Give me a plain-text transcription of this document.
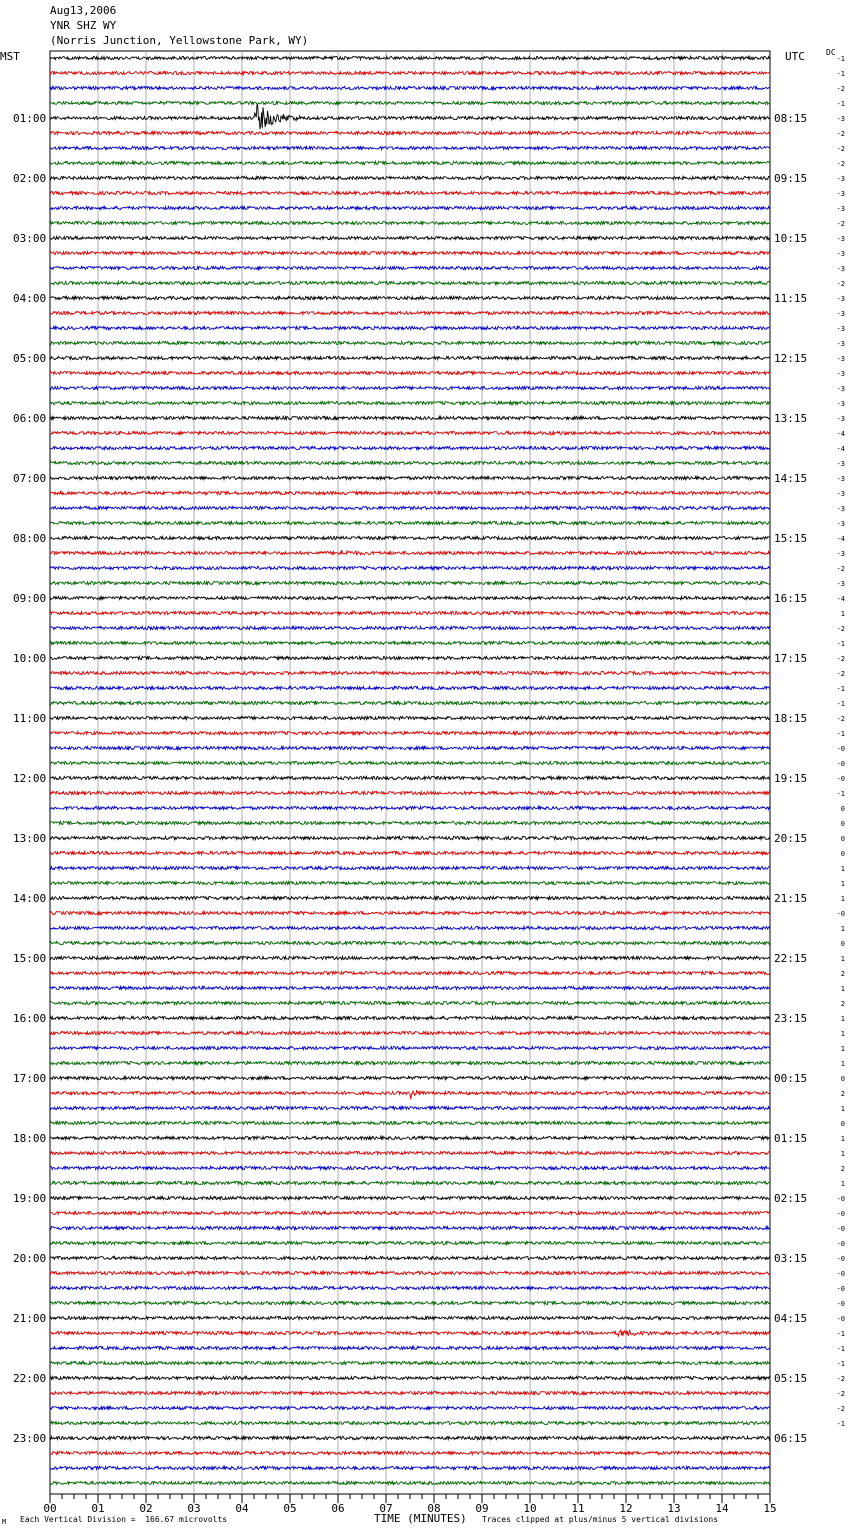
Aug13,2006
YNR SHZ WY
(Norris Junction, Yellowstone Park, WY)
MST	UTC	DC
01:00
02:00
03:00
04:00
05:00
06:00
07:00
08:00
09:00
10:00
11:00
12:00
13:00
14:00
15:00
16:00
17:00
18:00
19:00
20:00
21:00
22:00
23:00
08:15
09:15
10:15
11:15
12:15
13:15
14:15
15:15
16:15
17:15
18:15
19:15
20:15
21:15
22:15
23:15
00:15
01:15
02:15
03:15
04:15
05:15
06:15
-1
-1
-2
-1
-3
-2
-2
-2
-3
-3
-3
-2
-3
-3
-3
-2
-3
-3
-3
-3
-3
-3
-3
-3
-3
-4
-4
-3
-3
-3
-3
-3
-4
-3
-2
-3
-4
1
-2
-1
-2
-2
-1
-1
-2
-1
-0
-0
-0
-1
0
0
0
0
1
1
1
-0
1
0
1
2
1
2
1
1
1
1
0
2
1
0
1
1
2
1
-0
-0
-0
-0
-0
-0
-0
-0
-0
-1
-1
-1
-2
-2
-2
-1
00	01	02	03	04	05	06	07	08	09	10	11	12	13	14	15
M Each Vertical Division =  166.67 microvolts	TIME (MINUTES) Traces clipped at plus/minus 5 vertical divisions
